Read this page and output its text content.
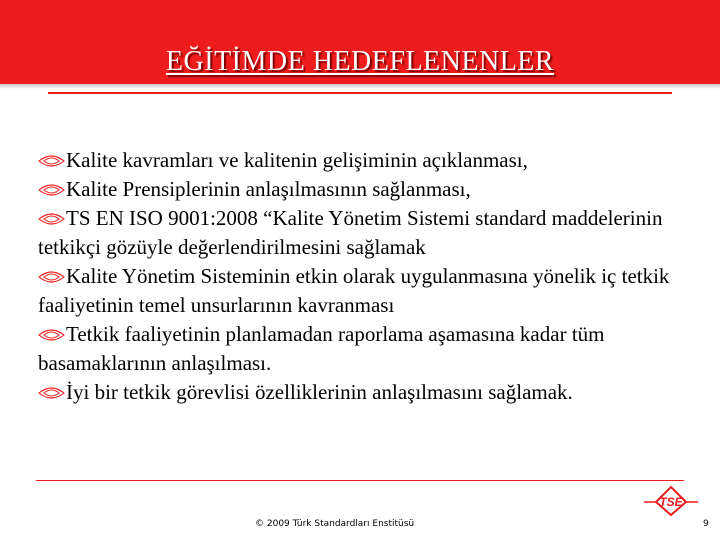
EĞİTİMDE HEDEFLENENLER

Kalite kavramları ve kalitenin gelişiminin açıklanması,

Kalite Prensiplerinin anlaşılmasının sağlanması,

TS EN ISO 9001:2008 “Kalite Yönetim Sistemi standard maddelerinin tetkikçi gözüyle değerlendirilmesini sağlamak

Kalite Yönetim Sisteminin etkin olarak uygulanmasına yönelik iç tetkik faaliyetinin temel unsurlarının kavranması

Tetkik faaliyetinin planlamadan raporlama aşamasına kadar tüm basamaklarının anlaşılması.

İyi bir tetkik görevlisi özelliklerinin anlaşılmasını sağlamak.

TSE
© 2009 Türk Standardları Enstitüsü	9
